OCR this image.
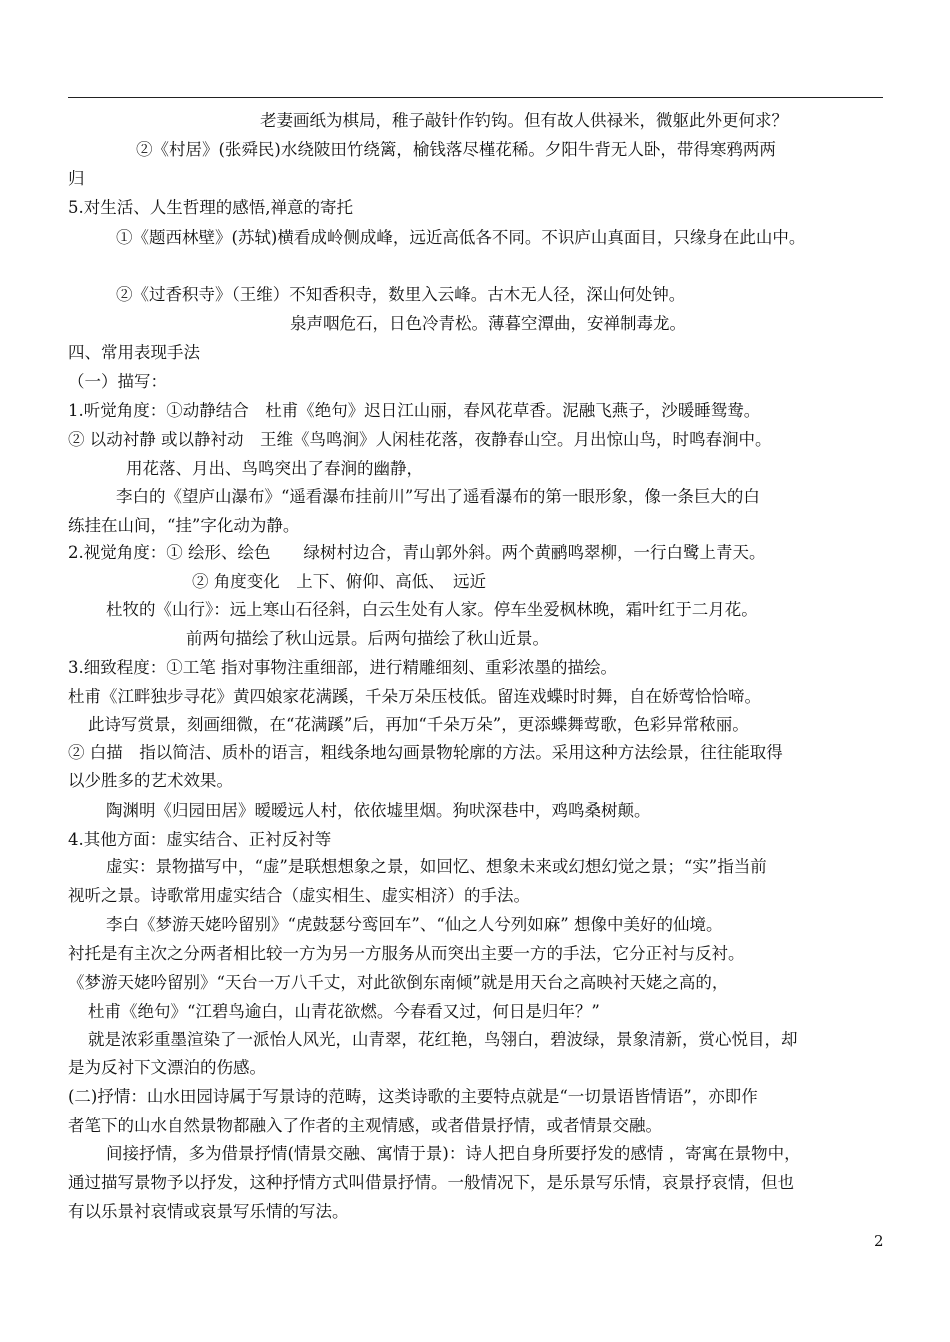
老妻画纸为棋局，稚子敲针作钓钩。但有故人供禄米，微躯此外更何求？
②《村居》(张舜民)水绕陂田竹绕篱，榆钱落尽槿花稀。夕阳牛背无人卧，带得寒鸦两两
归
5.对生活、人生哲理的感悟,禅意的寄托
①《题西林壁》(苏轼)横看成岭侧成峰，远近高低各不同。不识庐山真面目，只缘身在此山中。
②《过香积寺》（王维）不知香积寺，数里入云峰。古木无人径，深山何处钟。
泉声咽危石，日色冷青松。薄暮空潭曲，安禅制毒龙。
四、常用表现手法
（一）描写：
1.听觉角度：①动静结合　杜甫《绝句》迟日江山丽，春风花草香。泥融飞燕子，沙暖睡鸳鸯。
② 以动衬静 或以静衬动　王维《鸟鸣涧》人闲桂花落，夜静春山空。月出惊山鸟，时鸣春涧中。
用花落、月出、鸟鸣突出了春涧的幽静，
李白的《望庐山瀑布》“遥看瀑布挂前川”写出了遥看瀑布的第一眼形象，像一条巨大的白
练挂在山间，“挂”字化动为静。
2.视觉角度：① 绘形、绘色　　绿树村边合，青山郭外斜。两个黄鹂鸣翠柳，一行白鹭上青天。
② 角度变化　上下、俯仰、高低、　远近
杜牧的《山行》：远上寒山石径斜，白云生处有人家。停车坐爱枫林晚，霜叶红于二月花。
前两句描绘了秋山远景。后两句描绘了秋山近景。
3.细致程度：①工笔 指对事物注重细部，进行精雕细刻、重彩浓墨的描绘。
杜甫《江畔独步寻花》黄四娘家花满蹊，千朵万朵压枝低。留连戏蝶时时舞，自在娇莺恰恰啼。
此诗写赏景，刻画细微，在“花满蹊”后，再加“千朵万朵”，更添蝶舞莺歌，色彩异常秾丽。
② 白描　指以简洁、质朴的语言，粗线条地勾画景物轮廓的方法。采用这种方法绘景，往往能取得
以少胜多的艺术效果。
陶渊明《归园田居》暧暧远人村，依依墟里烟。狗吠深巷中，鸡鸣桑树颠。
4.其他方面：虚实结合、正衬反衬等
虚实：景物描写中，“虚”是联想想象之景，如回忆、想象未来或幻想幻觉之景；“实”指当前
视听之景。诗歌常用虚实结合（虚实相生、虚实相济）的手法。
李白《梦游天姥吟留别》“虎鼓瑟兮鸾回车”、“仙之人兮列如麻” 想像中美好的仙境。
衬托是有主次之分两者相比较一方为另一方服务从而突出主要一方的手法，它分正衬与反衬。
《梦游天姥吟留别》“天台一万八千丈，对此欲倒东南倾”就是用天台之高映衬天姥之高的，
杜甫《绝句》“江碧鸟逾白，山青花欲燃。今春看又过，何日是归年？”
就是浓彩重墨渲染了一派怡人风光，山青翠，花红艳，鸟翎白，碧波绿，景象清新，赏心悦目，却
是为反衬下文漂泊的伤感。
(二)抒情：山水田园诗属于写景诗的范畴，这类诗歌的主要特点就是“一切景语皆情语”，亦即作
者笔下的山水自然景物都融入了作者的主观情感，或者借景抒情，或者情景交融。
间接抒情，多为借景抒情(情景交融、寓情于景)：诗人把自身所要抒发的感情 ，寄寓在景物中，
通过描写景物予以抒发，这种抒情方式叫借景抒情。一般情况下，是乐景写乐情，哀景抒哀情，但也
有以乐景衬哀情或哀景写乐情的写法。
2
